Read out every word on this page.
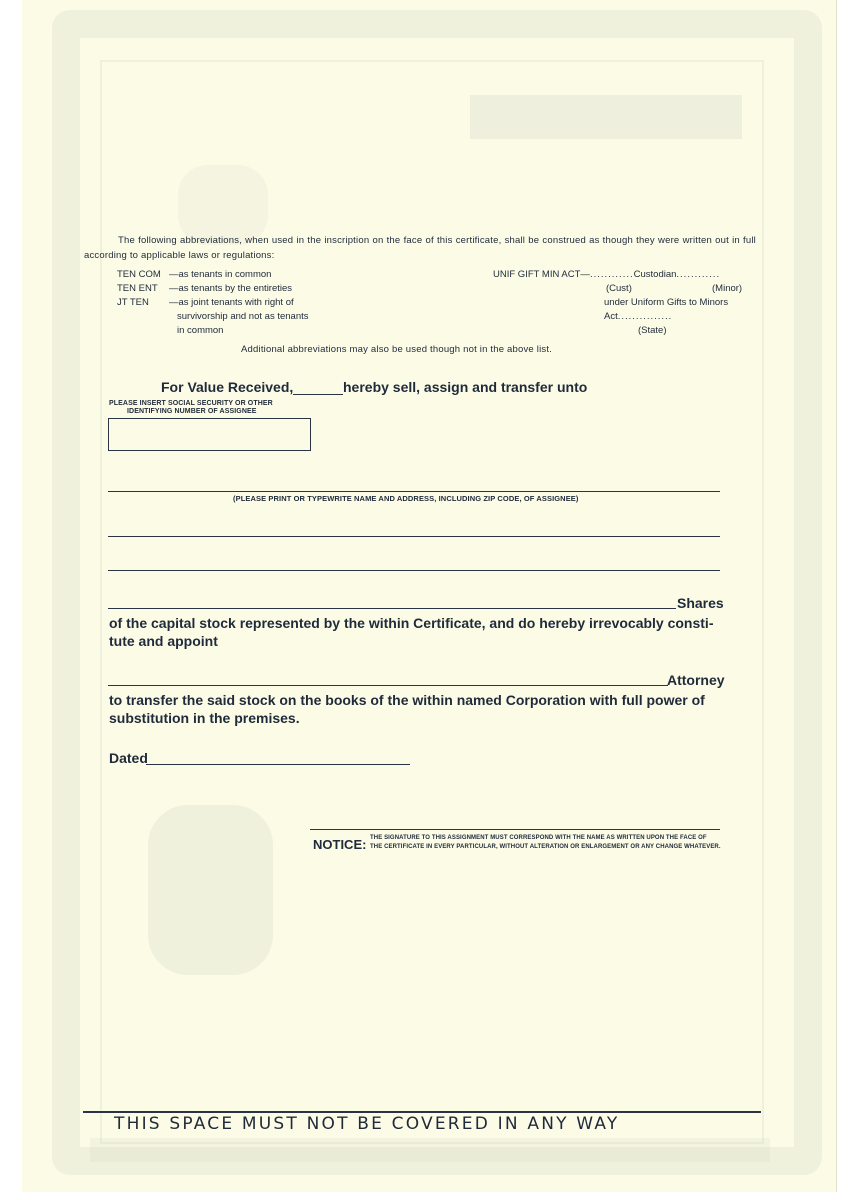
The following abbreviations, when used in the inscription on the face of this certificate, shall be construed as though they were written out in full according to applicable laws or regulations:
TEN COM —as tenants in common
TEN ENT —as tenants by the entireties
JT TEN —as joint tenants with right of
survivorship and not as tenants
in common
UNIF GIFT MIN ACT—............Custodian............
(Cust)	(Minor)
under Uniform Gifts to Minors
Act...............
(State)
Additional abbreviations may also be used though not in the above list.
For Value Received,	hereby sell, assign and transfer unto
PLEASE INSERT SOCIAL SECURITY OR OTHER
IDENTIFYING NUMBER OF ASSIGNEE
(PLEASE PRINT OR TYPEWRITE NAME AND ADDRESS, INCLUDING ZIP CODE, OF ASSIGNEE)
Shares
of the capital stock represented by the within Certificate, and do hereby irrevocably consti-
tute and appoint
Attorney
to transfer the said stock on the books of the within named Corporation with full power of
substitution in the premises.
Dated
NOTICE: THE SIGNATURE TO THIS ASSIGNMENT MUST CORRESPOND WITH THE NAME AS WRITTEN UPON THE FACE OF
THE CERTIFICATE IN EVERY PARTICULAR, WITHOUT ALTERATION OR ENLARGEMENT OR ANY CHANGE WHATEVER.
THIS SPACE MUST NOT BE COVERED IN ANY WAY
